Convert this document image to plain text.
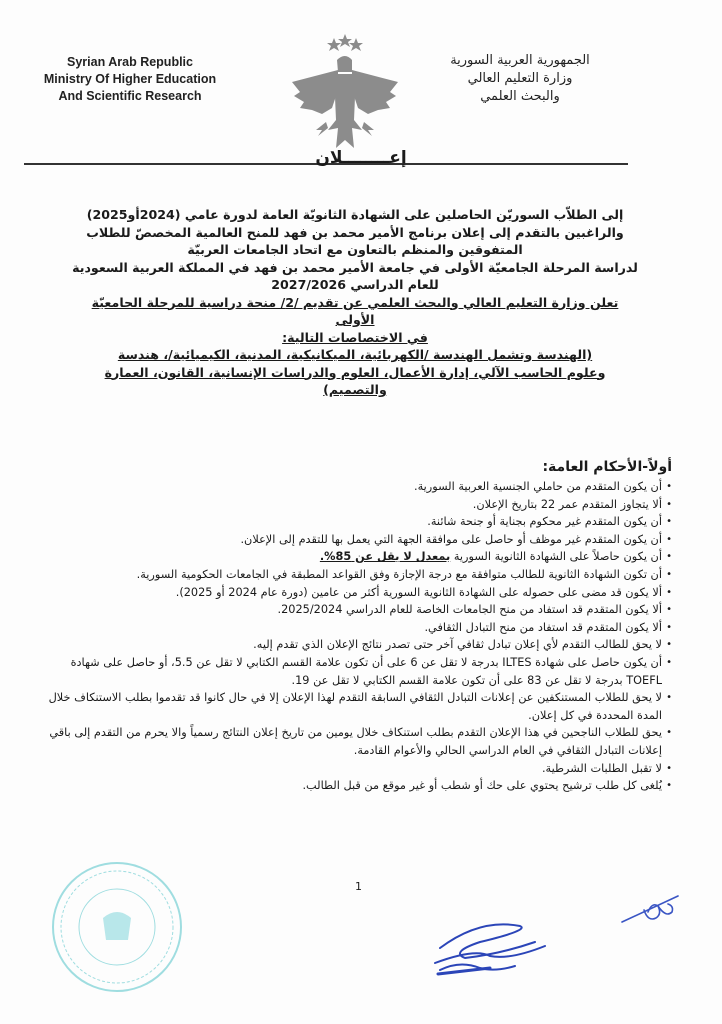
Syrian Arab Republic
Ministry Of Higher Education
And Scientific Research
الجمهورية العربية السورية
وزارة التعليم العالي
والبحث العلمي
إعــــــــلان

إلى الطلاّب السوريّن الحاصلين على الشهادة الثانويّة العامة لدورة عامي (2024أو2025)

والراغبين بالتقدم إلى إعلان برنامج الأمير محمد بن فهد للمنح العالمية المخصصّ للطلاب

المتفوقين والمنظم بالتعاون مع اتحاد الجامعات العربيّة

لدراسة المرحلة الجامعيّة الأولى في جامعة الأمير محمد بن فهد في المملكة العربية السعودية

للعام الدراسي 2027/2026

تعلن وزارة التعليم العالي والبحث العلمي عن تقديم /2/ منحة دراسية للمرحلة الجامعيّة

الأولى

في الاختصاصات التالية:

(الهندسة وتشمل الهندسة /الكهربائية، الميكانيكية، المدنية، الكيميائية/، هندسة

وعلوم الحاسب الآلي، إدارة الأعمال، العلوم والدراسات الإنسانية، القانون، العمارة

والتصميم)

أولاً-الأحكام العامة:
• أن يكون المتقدم من حاملي الجنسية العربية السورية.
• ألا يتجاوز المتقدم عمر 22 بتاريخ الإعلان.
• أن يكون المتقدم غير محكوم بجناية أو جنحة شائنة.
• أن يكون المتقدم غير موظف أو حاصل على موافقة الجهة التي يعمل بها للتقدم إلى الإعلان.
• أن يكون حاصلاً على الشهادة الثانوية السورية بمعدل لا يقل عن 85%.
• أن تكون الشهادة الثانوية للطالب متوافقة مع درجة الإجازة وفق القواعد المطبقة في الجامعات الحكومية السورية.
• ألا يكون قد مضى على حصوله على الشهادة الثانوية السورية أكثر من عامين (دورة عام 2024 أو 2025).
• ألا يكون المتقدم قد استفاد من منح الجامعات الخاصة للعام الدراسي 2025/2024.
• ألا يكون المتقدم قد استفاد من منح التبادل الثقافي.
• لا يحق للطالب التقدم لأي إعلان تبادل ثقافي آخر حتى تصدر نتائج الإعلان الذي تقدم إليه.
• أن يكون حاصل على شهادة ILTES بدرجة لا تقل عن 6 على أن تكون علامة القسم الكتابي لا تقل عن 5.5، أو حاصل على شهادة TOEFL بدرجة لا تقل عن 83 على أن تكون علامة القسم الكتابي لا تقل عن 19.
• لا يحق للطلاب المستنكفين عن إعلانات التبادل الثقافي السابقة التقدم لهذا الإعلان إلا في حال كانوا قد تقدموا بطلب الاستنكاف خلال المدة المحددة في كل إعلان.
• يحق للطلاب الناجحين في هذا الإعلان التقدم بطلب استنكاف خلال يومين من تاريخ إعلان النتائج رسمياً والا يحرم من التقدم إلى باقي إعلانات التبادل الثقافي في العام الدراسي الحالي والأعوام القادمة.
• لا تقبل الطلبات الشرطية.
• يُلغى كل طلب ترشيح يحتوي على حك أو شطب أو غير موقع من قبل الطالب.
1
